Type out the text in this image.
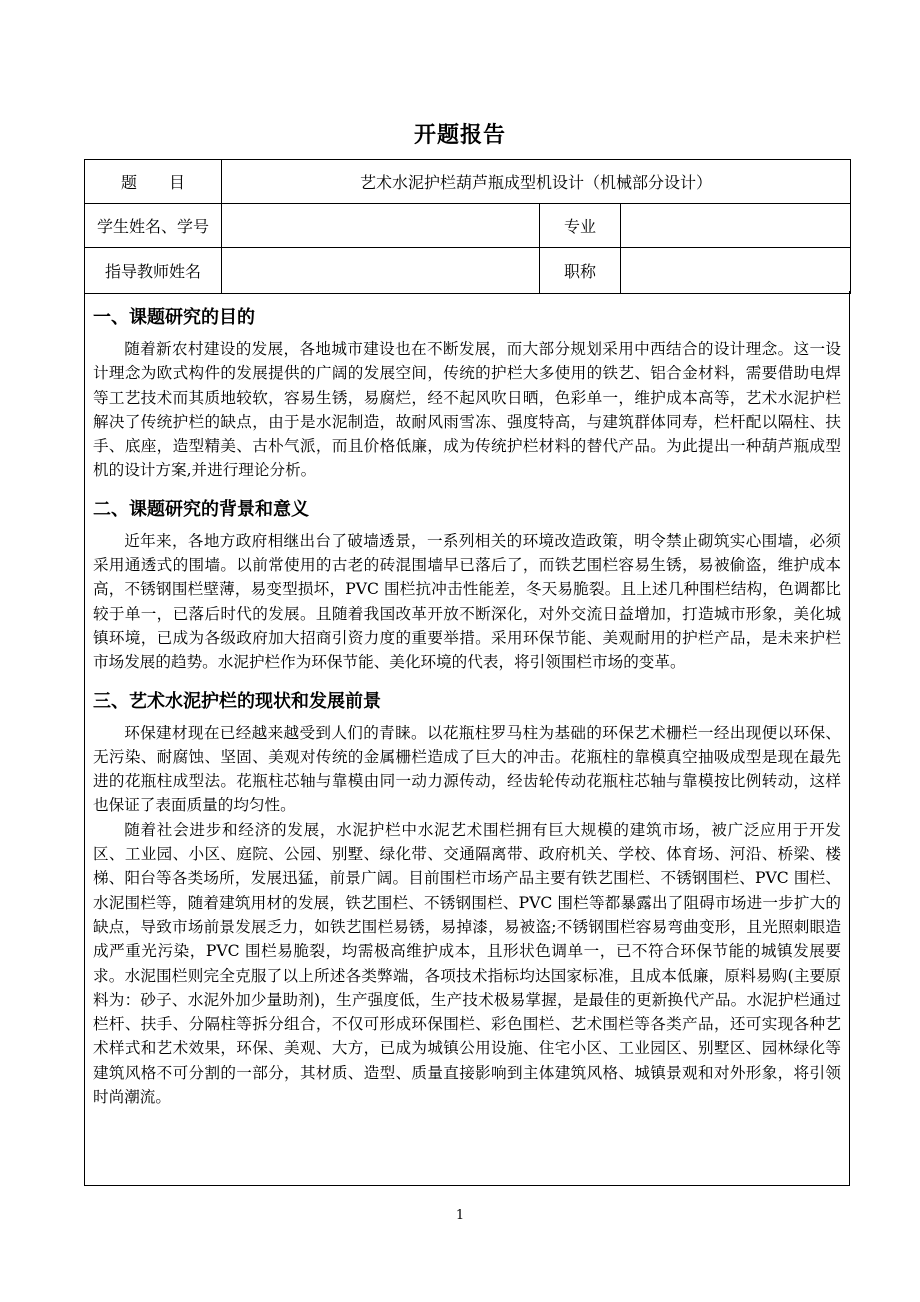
开题报告
题　　目	艺术水泥护栏葫芦瓶成型机设计（机械部分设计）		
学生姓名、学号		专业	
指导教师姓名		职称	
一、课题研究的目的

随着新农村建设的发展，各地城市建设也在不断发展，而大部分规划采用中西结合的设计理念。这一设计理念为欧式构件的发展提供的广阔的发展空间，传统的护栏大多使用的铁艺、铝合金材料，需要借助电焊等工艺技术而其质地较软，容易生锈，易腐烂，经不起风吹日晒，色彩单一，维护成本高等，艺术水泥护栏解决了传统护栏的缺点，由于是水泥制造，故耐风雨雪冻、强度特高，与建筑群体同寿，栏杆配以隔柱、扶手、底座，造型精美、古朴气派，而且价格低廉，成为传统护栏材料的替代产品。为此提出一种葫芦瓶成型机的设计方案,并进行理论分析。

二、课题研究的背景和意义

近年来，各地方政府相继出台了破墙透景，一系列相关的环境改造政策，明令禁止砌筑实心围墙，必须采用通透式的围墙。以前常使用的古老的砖混围墙早已落后了，而铁艺围栏容易生锈，易被偷盗，维护成本高，不锈钢围栏壁薄，易变型损坏，PVC 围栏抗冲击性能差，冬天易脆裂。且上述几种围栏结构，色调都比较于单一，已落后时代的发展。且随着我国改革开放不断深化，对外交流日益增加，打造城市形象，美化城镇环境，已成为各级政府加大招商引资力度的重要举措。采用环保节能、美观耐用的护栏产品，是未来护栏市场发展的趋势。水泥护栏作为环保节能、美化环境的代表，将引领围栏市场的变革。

三、艺术水泥护栏的现状和发展前景

环保建材现在已经越来越受到人们的青睐。以花瓶柱罗马柱为基础的环保艺术栅栏一经出现便以环保、无污染、耐腐蚀、坚固、美观对传统的金属栅栏造成了巨大的冲击。花瓶柱的靠模真空抽吸成型是现在最先进的花瓶柱成型法。花瓶柱芯轴与靠模由同一动力源传动，经齿轮传动花瓶柱芯轴与靠模按比例转动，这样也保证了表面质量的均匀性。

随着社会进步和经济的发展，水泥护栏中水泥艺术围栏拥有巨大规模的建筑市场，被广泛应用于开发区、工业园、小区、庭院、公园、别墅、绿化带、交通隔离带、政府机关、学校、体育场、河沿、桥梁、楼梯、阳台等各类场所，发展迅猛，前景广阔。目前围栏市场产品主要有铁艺围栏、不锈钢围栏、PVC 围栏、水泥围栏等，随着建筑用材的发展，铁艺围栏、不锈钢围栏、PVC 围栏等都暴露出了阻碍市场进一步扩大的缺点，导致市场前景发展乏力，如铁艺围栏易锈，易掉漆，易被盗;不锈钢围栏容易弯曲变形，且光照刺眼造成严重光污染，PVC 围栏易脆裂，均需极高维护成本，且形状色调单一，已不符合环保节能的城镇发展要求。水泥围栏则完全克服了以上所述各类弊端，各项技术指标均达国家标准，且成本低廉，原料易购(主要原料为：砂子、水泥外加少量助剂)，生产强度低，生产技术极易掌握，是最佳的更新换代产品。水泥护栏通过栏杆、扶手、分隔柱等拆分组合，不仅可形成环保围栏、彩色围栏、艺术围栏等各类产品，还可实现各种艺术样式和艺术效果，环保、美观、大方，已成为城镇公用设施、住宅小区、工业园区、别墅区、园林绿化等建筑风格不可分割的一部分，其材质、造型、质量直接影响到主体建筑风格、城镇景观和对外形象，将引领时尚潮流。

1
